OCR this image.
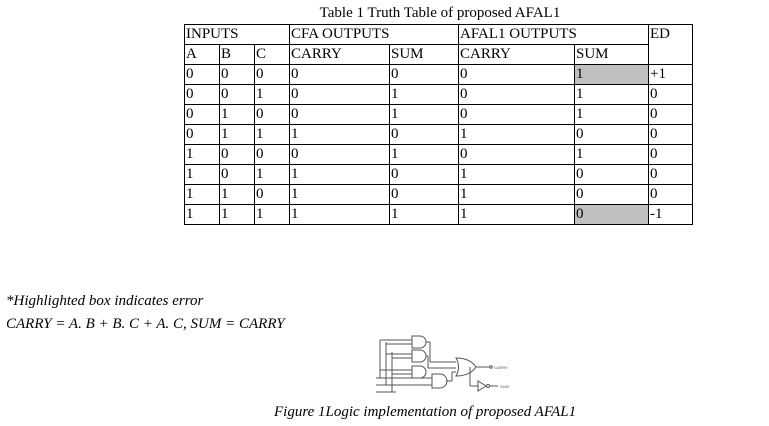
Table 1 Truth Table of proposed AFAL1
INPUTS			CFA OUTPUTS		AFAL1 OUTPUTS		ED
A	B	C	CARRY	SUM	CARRY	SUM	
0	0	0	0	0	0	1	+1
0	0	1	0	1	0	1	0
0	1	0	0	1	0	1	0
0	1	1	1	0	1	0	0
1	0	0	0	1	0	1	0
1	0	1	1	0	1	0	0
1	1	0	1	0	1	0	0
1	1	1	1	1	1	0	-1
*Highlighted box indicates error
CARRY = A. B + B. C + A. C, SUM = CARRY
CARRY
SUM
Figure 1Logic implementation of proposed AFAL1
